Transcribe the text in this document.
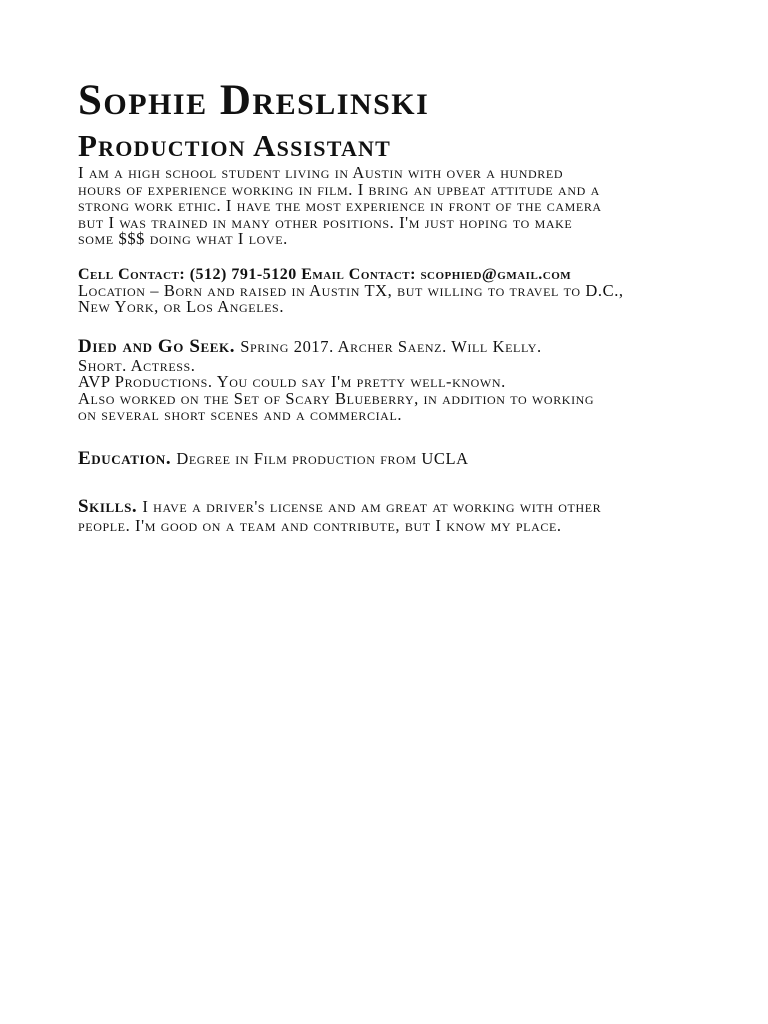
Sophie Dreslinski
Production Assistant

I am a high school student living in Austin with over a hundred
hours of experience working in film. I bring an upbeat attitude and a
strong work ethic. I have the most experience in front of the camera
but I was trained in many other positions. I'm just hoping to make
some $$$ doing what I love.

Cell Contact: (512) 791-5120 Email Contact: scophied@gmail.com

Location – Born and raised in Austin TX, but willing to travel to D.C.,
New York, or Los Angeles.

Died and Go Seek. Spring 2017. Archer Saenz. Will Kelly.

Short. Actress.
AVP Productions. You could say I'm pretty well-known.
Also worked on the Set of Scary Blueberry, in addition to working
on several short scenes and a commercial.

Education. Degree in Film production from UCLA
Skills. I have a driver's license and am great at working with other

people. I'm good on a team and contribute, but I know my place.
